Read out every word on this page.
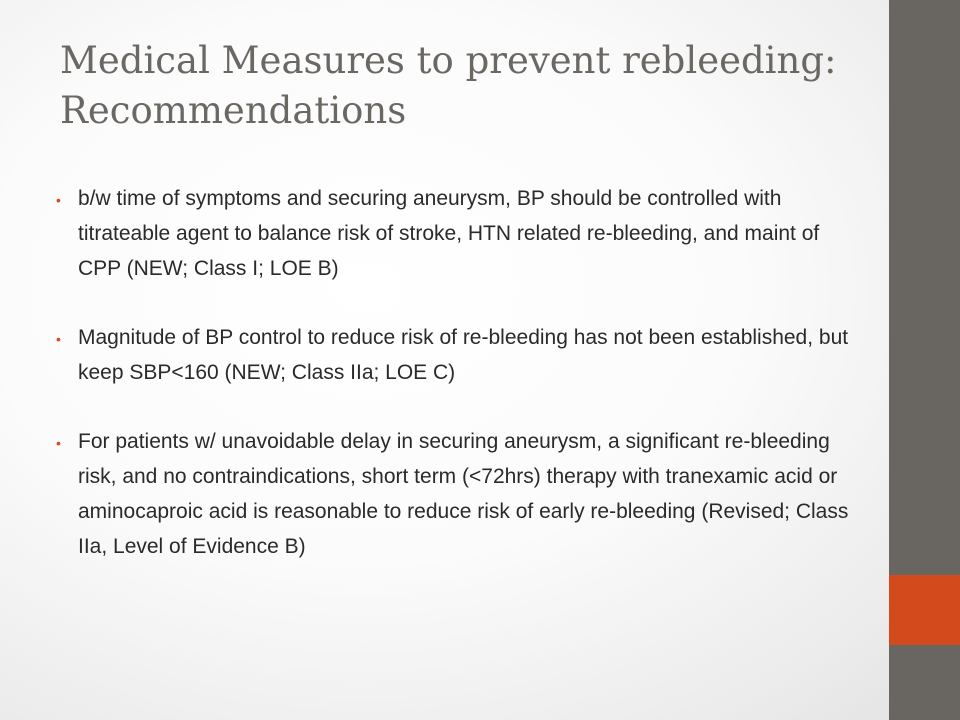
Medical Measures to prevent rebleeding: Recommendations
• b/w time of symptoms and securing aneurysm, BP should be controlled with titrateable agent to balance risk of stroke, HTN related re-bleeding, and maint of CPP (NEW; Class I; LOE B)
• Magnitude of BP control to reduce risk of re-bleeding has not been established, but keep SBP<160 (NEW; Class IIa; LOE C)
• For patients w/ unavoidable delay in securing aneurysm, a significant re-bleeding risk, and no contraindications, short term (<72hrs) therapy with tranexamic acid or aminocaproic acid is reasonable to reduce risk of early re-bleeding (Revised; Class IIa, Level of Evidence B)
